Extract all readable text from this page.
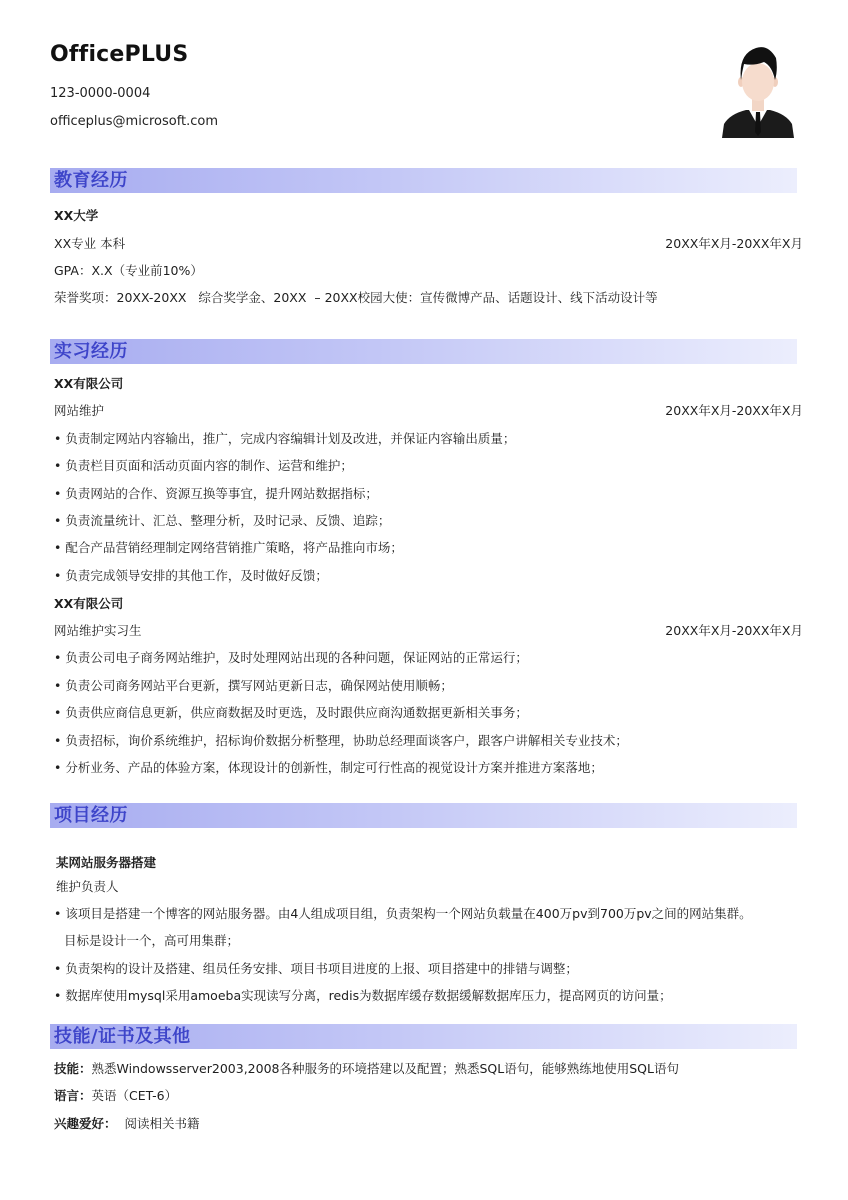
OfficePLUS
123-0000-0004
officeplus@microsoft.com
教育经历
XX大学
XX专业 本科	20XX年X月-20XX年X月
GPA：X.X（专业前10%）
荣誉奖项：20XX-20XX   综合奖学金、20XX  – 20XX校园大使：宣传微博产品、话题设计、线下活动设计等
实习经历
XX有限公司
网站维护	20XX年X月-20XX年X月
• 负责制定网站内容输出，推广，完成内容编辑计划及改进，并保证内容输出质量；
• 负责栏目页面和活动页面内容的制作、运营和维护；
• 负责网站的合作、资源互换等事宜，提升网站数据指标；
• 负责流量统计、汇总、整理分析，及时记录、反馈、追踪；
• 配合产品营销经理制定网络营销推广策略，将产品推向市场；
• 负责完成领导安排的其他工作，及时做好反馈；
XX有限公司
网站维护实习生	20XX年X月-20XX年X月
• 负责公司电子商务网站维护，及时处理网站出现的各种问题，保证网站的正常运行；
• 负责公司商务网站平台更新，撰写网站更新日志，确保网站使用顺畅；
• 负责供应商信息更新，供应商数据及时更选，及时跟供应商沟通数据更新相关事务；
• 负责招标，询价系统维护，招标询价数据分析整理，协助总经理面谈客户，跟客户讲解相关专业技术；
• 分析业务、产品的体验方案，体现设计的创新性，制定可行性高的视觉设计方案并推进方案落地；
项目经历
某网站服务器搭建
维护负责人
• 该项目是搭建一个博客的网站服务器。由4人组成项目组，负责架构一个网站负载量在400万pv到700万pv之间的网站集群。
目标是设计一个，高可用集群；
• 负责架构的设计及搭建、组员任务安排、项目书项目进度的上报、项目搭建中的排错与调整；
• 数据库使用mysql采用amoeba实现读写分离，redis为数据库缓存数据缓解数据库压力，提高网页的访问量；
技能/证书及其他
技能：熟悉Windowsserver2003,2008各种服务的环境搭建以及配置；熟悉SQL语句，能够熟练地使用SQL语句
语言：英语（CET-6）
兴趣爱好： 阅读相关书籍
